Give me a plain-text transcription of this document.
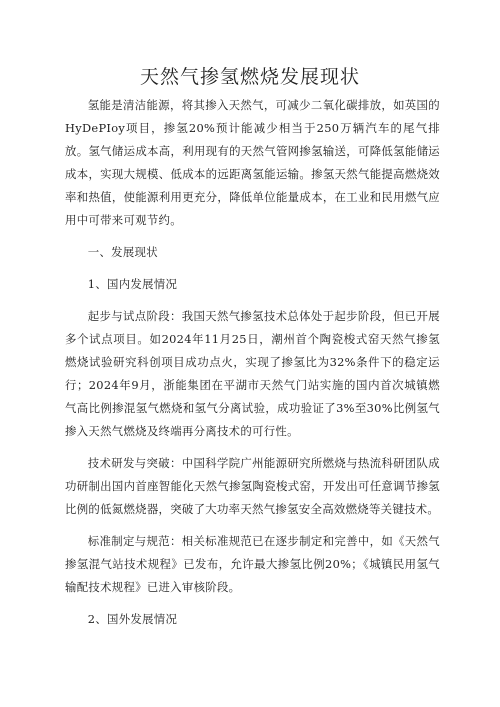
天然气掺氢燃烧发展现状

氢能是清洁能源，将其掺入天然气，可减少二氧化碳排放，如英国的HyDePIoy项目，掺氢20%预计能减少相当于250万辆汽车的尾气排放。氢气储运成本高，利用现有的天然气管网掺氢输送，可降低氢能储运成本，实现大规模、低成本的远距离氢能运输。掺氢天然气能提高燃烧效率和热值，使能源利用更充分，降低单位能量成本，在工业和民用燃气应用中可带来可观节约。

一、发展现状

1、国内发展情况

起步与试点阶段：我国天然气掺氢技术总体处于起步阶段，但已开展多个试点项目。如2024年11月25日，潮州首个陶瓷梭式窑天然气掺氢燃烧试验研究科创项目成功点火，实现了掺氢比为32%条件下的稳定运行；2024年9月，浙能集团在平湖市天然气门站实施的国内首次城镇燃气高比例掺混氢气燃烧和氢气分离试验，成功验证了3%至30%比例氢气掺入天然气燃烧及终端再分离技术的可行性。

技术研发与突破：中国科学院广州能源研究所燃烧与热流科研团队成功研制出国内首座智能化天然气掺氢陶瓷梭式窑，开发出可任意调节掺氢比例的低氮燃烧器，突破了大功率天然气掺氢安全高效燃烧等关键技术。

标准制定与规范：相关标准规范已在逐步制定和完善中，如《天然气掺氢混气站技术规程》已发布，允许最大掺氢比例20%；《城镇民用氢气输配技术规程》已进入审核阶段。

2、国外发展情况
